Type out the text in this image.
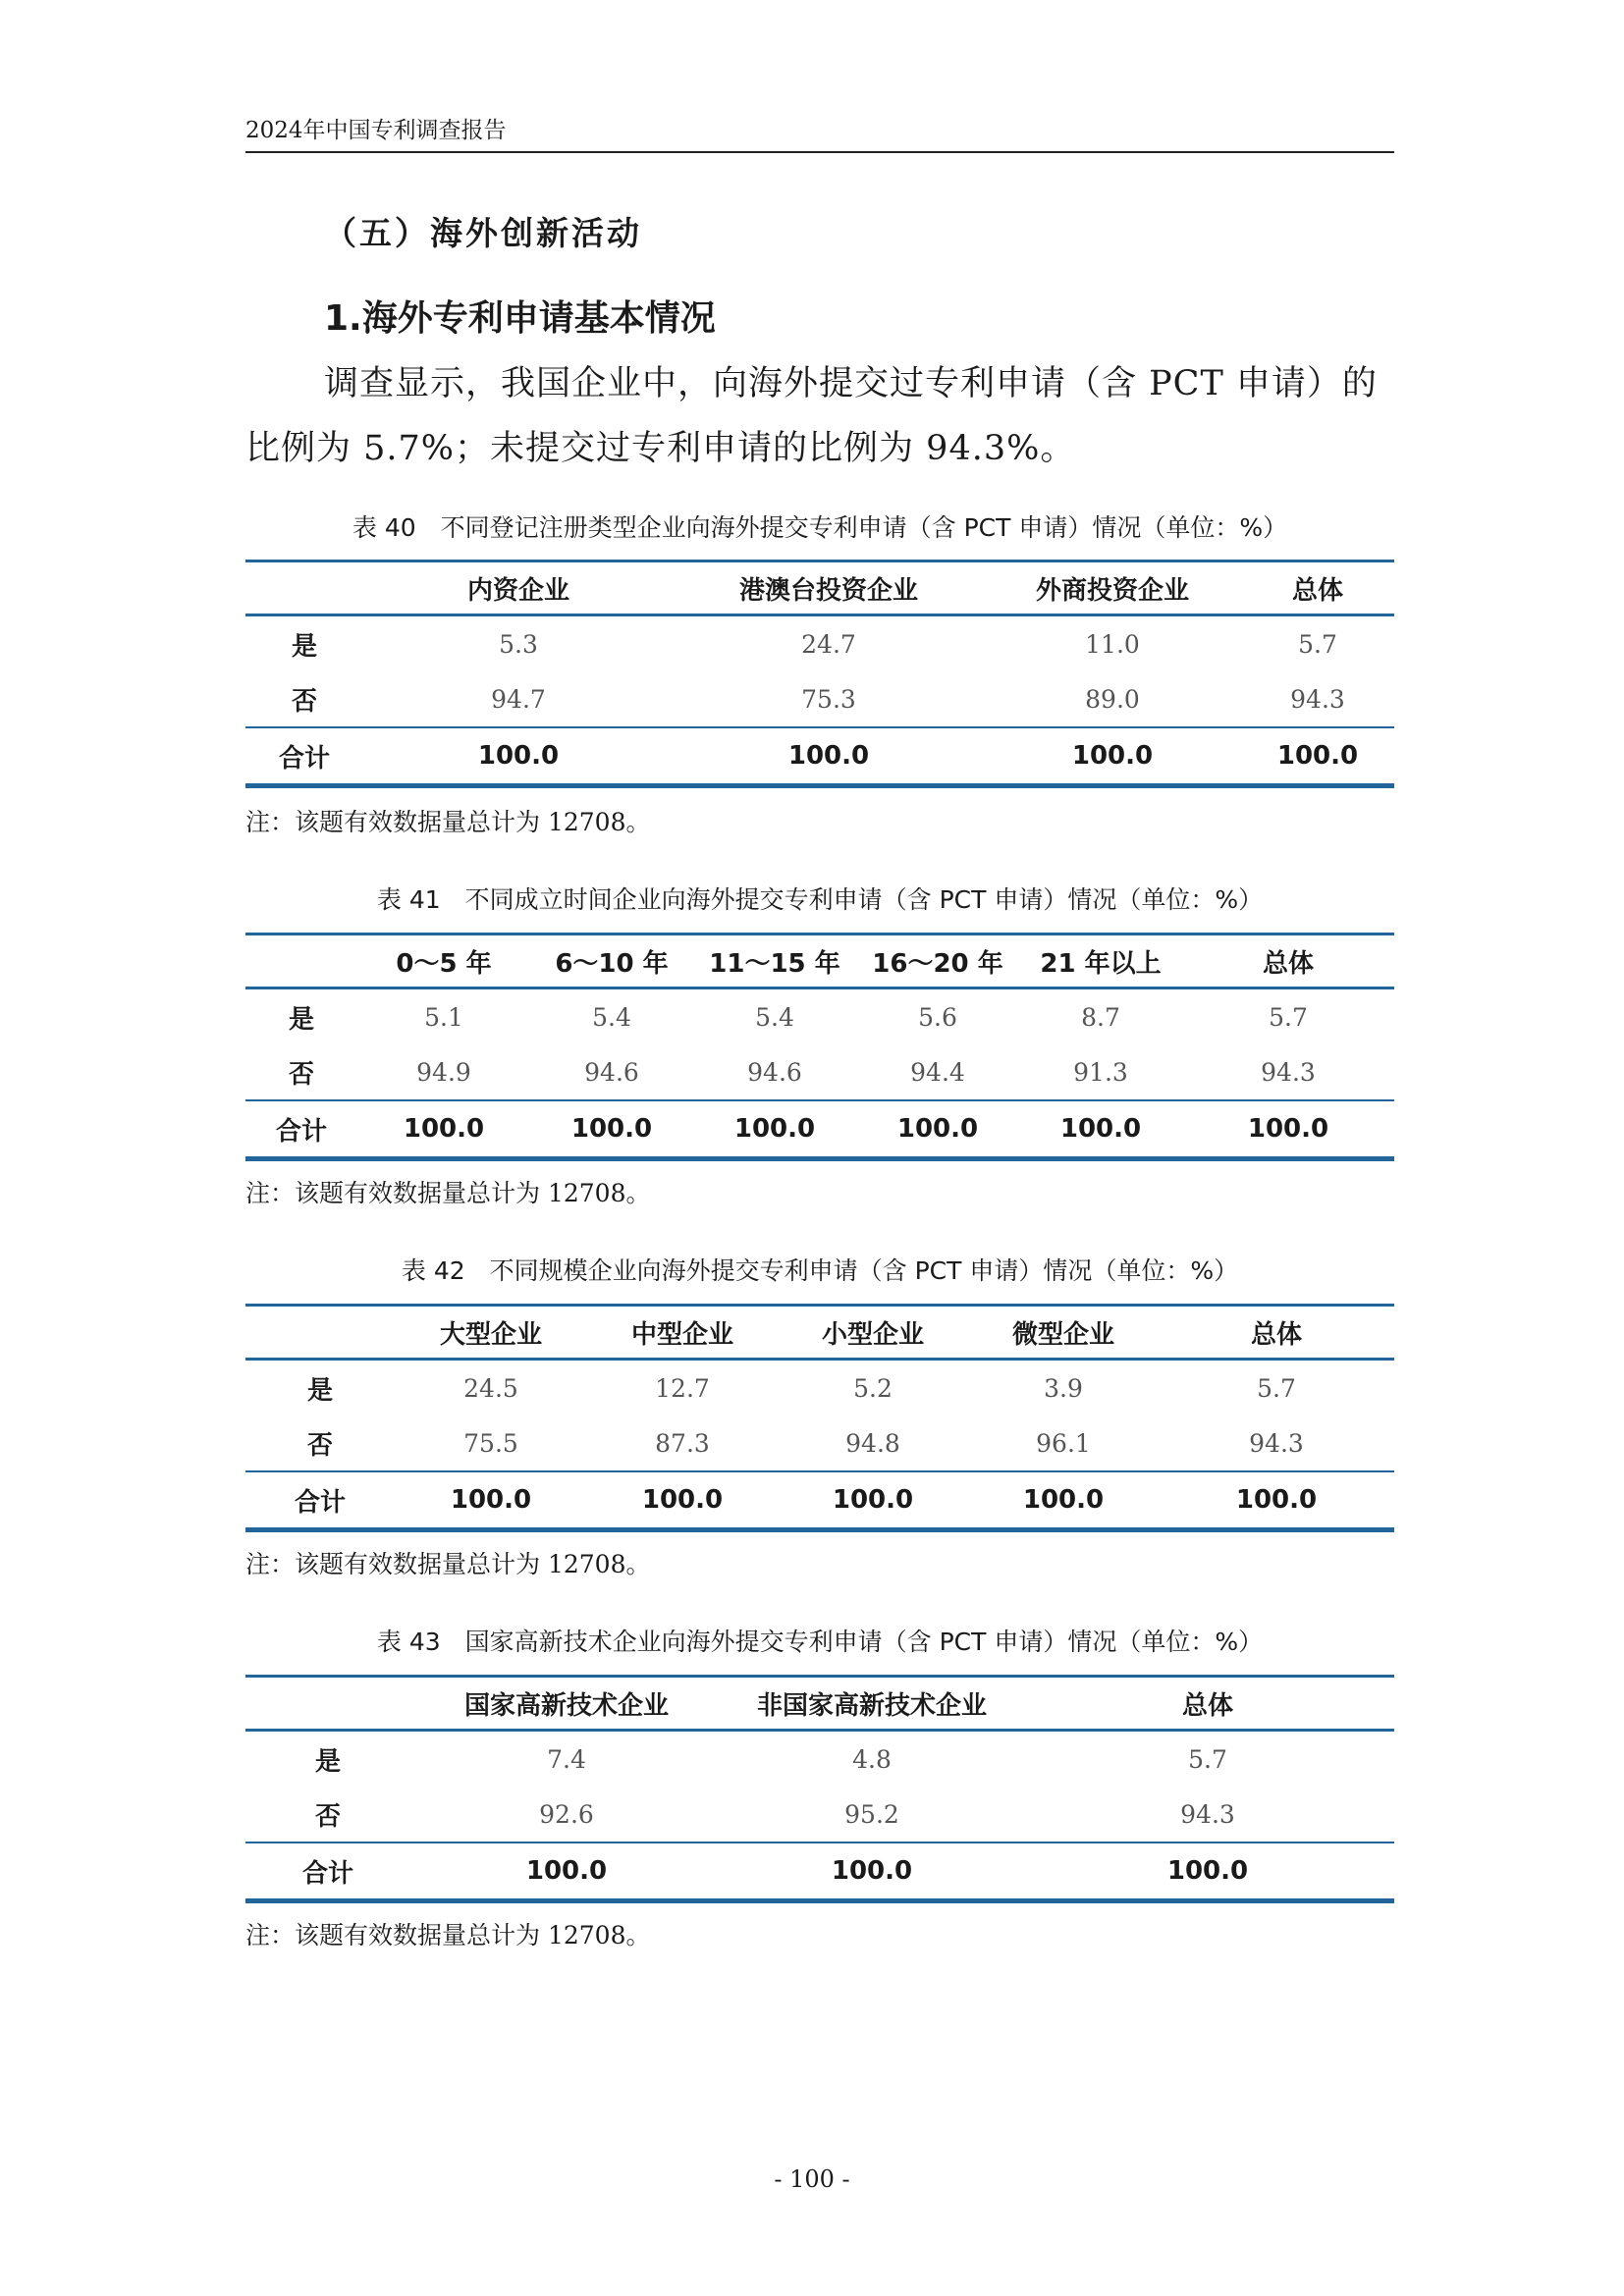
2024年中国专利调查报告
（五）海外创新活动
1.海外专利申请基本情况

调查显示，我国企业中，向海外提交过专利申请（含 PCT 申请）的比例为 5.7%；未提交过专利申请的比例为 94.3%。

表 40　不同登记注册类型企业向海外提交专利申请（含 PCT 申请）情况（单位：%）
	内资企业	港澳台投资企业	外商投资企业	总体
是	5.3	24.7	11.0	5.7
否	94.7	75.3	89.0	94.3
合计	100.0	100.0	100.0	100.0
注：该题有效数据量总计为 12708。
表 41　不同成立时间企业向海外提交专利申请（含 PCT 申请）情况（单位：%）
	0～5 年	6～10 年	11～15 年	16～20 年	21 年以上	总体
是	5.1	5.4	5.4	5.6	8.7	5.7
否	94.9	94.6	94.6	94.4	91.3	94.3
合计	100.0	100.0	100.0	100.0	100.0	100.0
注：该题有效数据量总计为 12708。
表 42　不同规模企业向海外提交专利申请（含 PCT 申请）情况（单位：%）
	大型企业	中型企业	小型企业	微型企业	总体
是	24.5	12.7	5.2	3.9	5.7
否	75.5	87.3	94.8	96.1	94.3
合计	100.0	100.0	100.0	100.0	100.0
注：该题有效数据量总计为 12708。
表 43　国家高新技术企业向海外提交专利申请（含 PCT 申请）情况（单位：%）
	国家高新技术企业	非国家高新技术企业	总体
是	7.4	4.8	5.7
否	92.6	95.2	94.3
合计	100.0	100.0	100.0
注：该题有效数据量总计为 12708。
- 100 -
